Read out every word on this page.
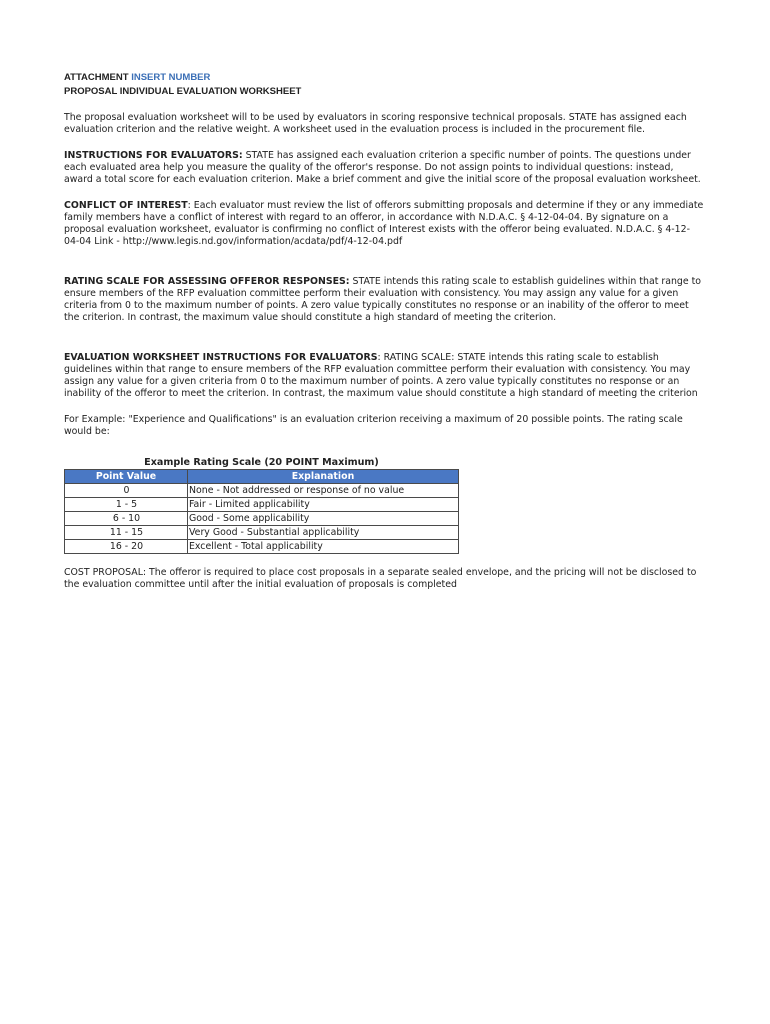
ATTACHMENT INSERT NUMBER
PROPOSAL INDIVIDUAL EVALUATION WORKSHEET

The proposal evaluation worksheet will to be used by evaluators in scoring responsive technical proposals. STATE has assigned each evaluation criterion and the relative weight. A worksheet used in the evaluation process is included in the procurement file.

INSTRUCTIONS FOR EVALUATORS: STATE has assigned each evaluation criterion a specific number of points. The questions under each evaluated area help you measure the quality of the offeror's response. Do not assign points to individual questions: instead, award a total score for each evaluation criterion. Make a brief comment and give the initial score of the proposal evaluation worksheet.

CONFLICT OF INTEREST: Each evaluator must review the list of offerors submitting proposals and determine if they or any immediate family members have a conflict of interest with regard to an offeror, in accordance with N.D.A.C. § 4-12-04-04. By signature on a proposal evaluation worksheet, evaluator is confirming no conflict of Interest exists with the offeror being evaluated. N.D.A.C. § 4-12-04-04 Link - http://www.legis.nd.gov/information/acdata/pdf/4-12-04.pdf

RATING SCALE FOR ASSESSING OFFEROR RESPONSES: STATE intends this rating scale to establish guidelines within that range to ensure members of the RFP evaluation committee perform their evaluation with consistency. You may assign any value for a given criteria from 0 to the maximum number of points. A zero value typically constitutes no response or an inability of the offeror to meet the criterion. In contrast, the maximum value should constitute a high standard of meeting the criterion.

EVALUATION WORKSHEET INSTRUCTIONS FOR EVALUATORS: RATING SCALE: STATE intends this rating scale to establish guidelines within that range to ensure members of the RFP evaluation committee perform their evaluation with consistency. You may assign any value for a given criteria from 0 to the maximum number of points. A zero value typically constitutes no response or an inability of the offeror to meet the criterion. In contrast, the maximum value should constitute a high standard of meeting the criterion

For Example: "Experience and Qualifications" is an evaluation criterion receiving a maximum of 20 possible points. The rating scale would be:

Example Rating Scale (20 POINT Maximum)
Point Value	Explanation
0	None - Not addressed or response of no value
1 - 5	Fair - Limited applicability
6 - 10	Good - Some applicability
11 - 15	Very Good - Substantial applicability
16 - 20	Excellent - Total applicability

COST PROPOSAL: The offeror is required to place cost proposals in a separate sealed envelope, and the pricing will not be disclosed to the evaluation committee until after the initial evaluation of proposals is completed
